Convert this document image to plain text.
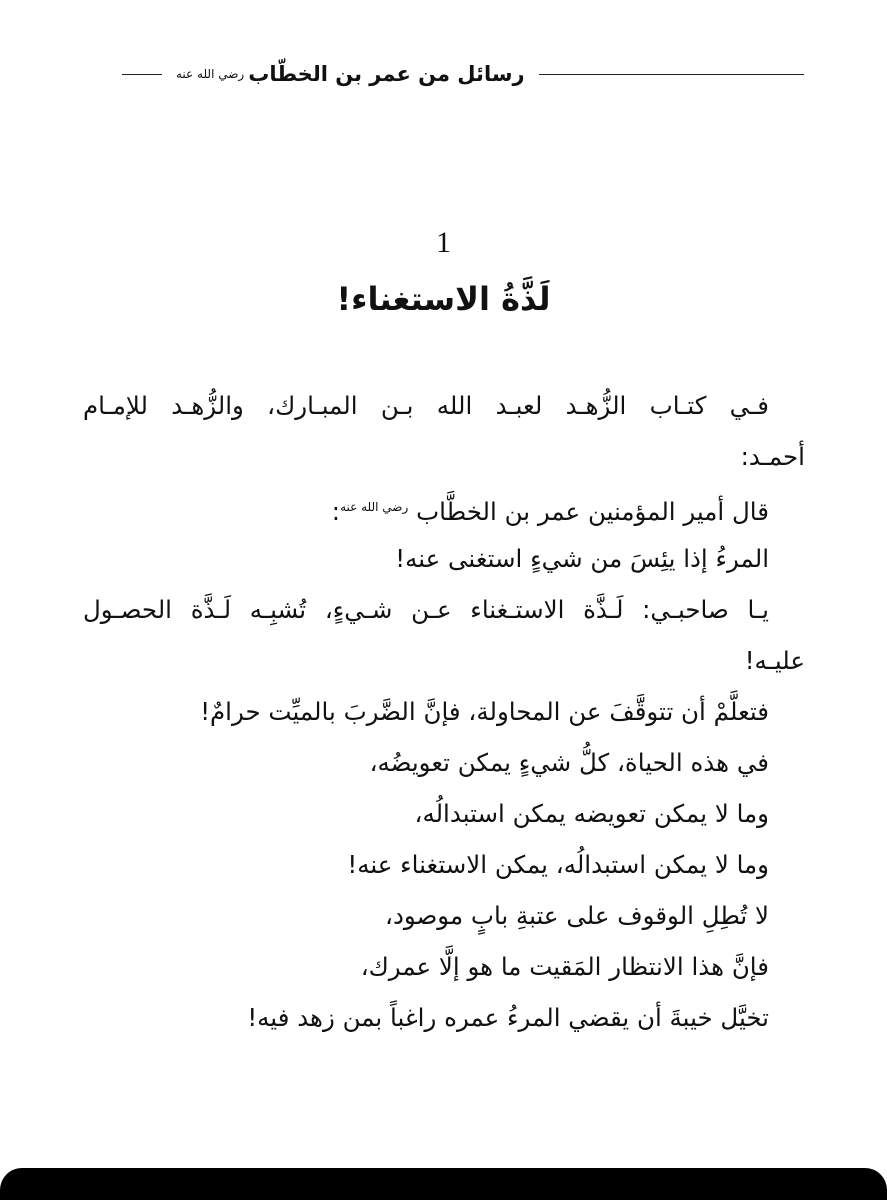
رسائل من عمر بن الخطّاب
رضي الله عنه
1
لَذَّةُ الاستغناء!
فـي كتـاب الزُّهـد لعبـد الله بـن المبـارك، والزُّهـد للإمـام
أحمـد:
قال أمير المؤمنين عمر بن الخطَّاب $^{رضي الله عنه}$:
المرءُ إذا يئِسَ من شيءٍ استغنى عنه!
يـا صاحبـي: لَـذَّة الاستـغناء عـن شـيءٍ، تُشبِـه لَـذَّة الحصـول
عليـه!
فتعلَّمْ أن تتوقَّفَ عن المحاولة، فإنَّ الضَّربَ بالميِّت حرامٌ!
في هذه الحياة، كلُّ شيءٍ يمكن تعويضُه،
وما لا يمكن تعويضه يمكن استبدالُه،
وما لا يمكن استبدالُه، يمكن الاستغناء عنه!
لا تُطِلِ الوقوف على عتبةِ بابٍ موصود،
فإنَّ هذا الانتظار المَقيت ما هو إلَّا عمرك،
تخيَّل خيبةَ أن يقضي المرءُ عمره راغباً بمن زهد فيه!
